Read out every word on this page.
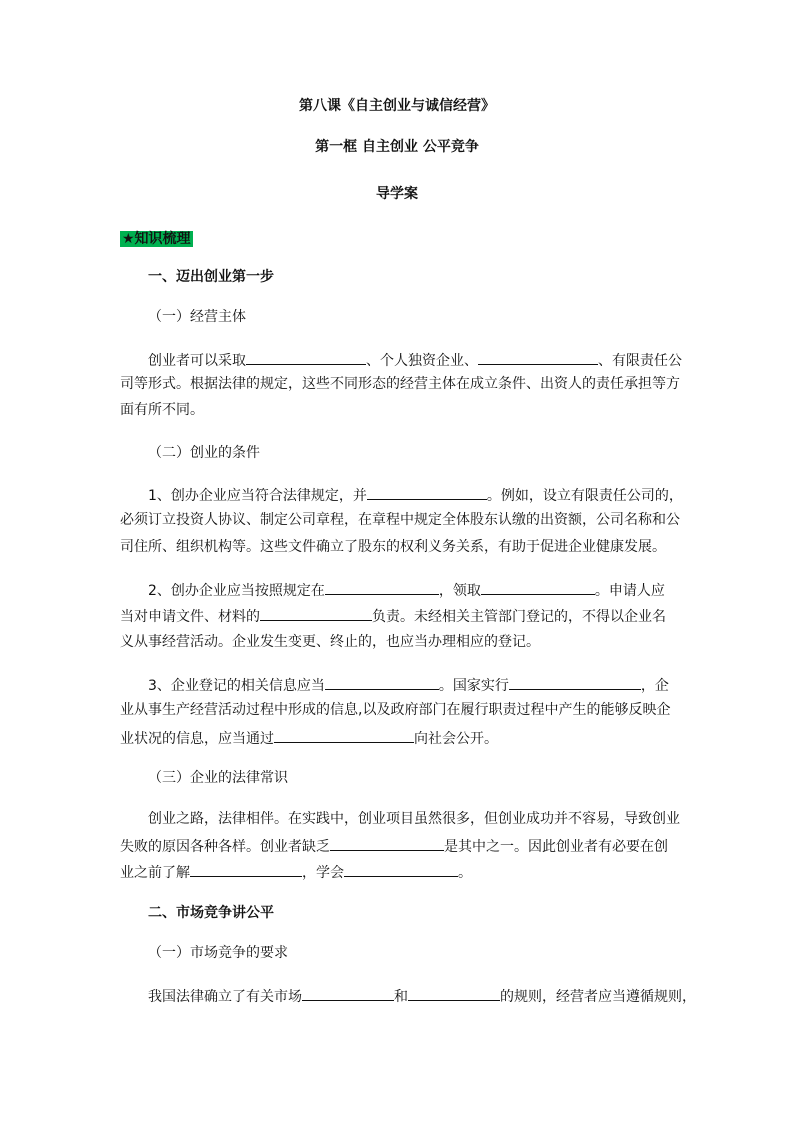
第八课《自主创业与诚信经营》
第一框 自主创业 公平竞争
导学案
★知识梳理
一、迈出创业第一步
（一）经营主体
创业者可以采取	、个人独资企业、	、有限责任公
司等形式。根据法律的规定，这些不同形态的经营主体在成立条件、出资人的责任承担等方
面有所不同。
（二）创业的条件
1、创办企业应当符合法律规定，并	。例如，设立有限责任公司的，
必须订立投资人协议、制定公司章程，在章程中规定全体股东认缴的出资额，公司名称和公
司住所、组织机构等。这些文件确立了股东的权利义务关系，有助于促进企业健康发展。
2、创办企业应当按照规定在	，领取	。申请人应
当对申请文件、材料的	负责。未经相关主管部门登记的，不得以企业名
义从事经营活动。企业发生变更、终止的，也应当办理相应的登记。
3、企业登记的相关信息应当	。国家实行	，企
业从事生产经营活动过程中形成的信息,以及政府部门在履行职责过程中产生的能够反映企
业状况的信息，应当通过	向社会公开。
（三）企业的法律常识
创业之路，法律相伴。在实践中，创业项目虽然很多，但创业成功并不容易，导致创业
失败的原因各种各样。创业者缺乏	是其中之一。因此创业者有必要在创
业之前了解	，学会	。
二、市场竞争讲公平
（一）市场竞争的要求
我国法律确立了有关市场	和	的规则，经营者应当遵循规则，
